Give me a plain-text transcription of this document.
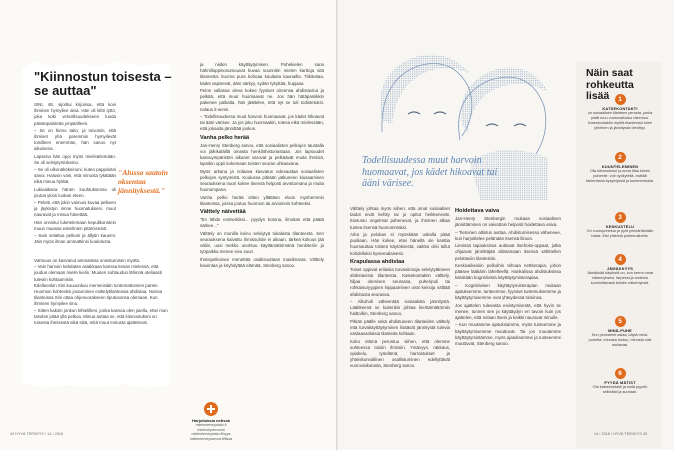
"Kiinnostun toisesta – se auttaa"

SINI, 48, sijoittui kirjoissa, että kovi ihminen hymyilee aina. Hän oli kiltti tyttö, joka koki velvollisuudekseen luoda päivänpaistetta ympärilleen.

– Se on hieno taito, ja toivoisin, että ihmiset yhä paremmin hymyilevät toisilleen enemmän, hän sanoo nyt aikuisena.

Lapsena hän oppi myös mielistelemään. Se oli selviytymiskeino.

– Se oli ulkonäkökeinoni, kuten pappisiäni sanoi. Halusin vain, että minusta tykätään eikä minua hylätä.

Lukioaikana hänen kouhtuksensa oli joutua yksin luokan eteen.

– Pelotti, että jokin vaimuni kuvaa pelkeen ja jäykistyn sinne huomatuksesi, muut nauravat ja minua hävettää.

Hän onnistui luketelemaan kepulikonstein muun muassa esitelmien pitämisestä.

– Sain selattua pelkoni ja ällytin kauemi. Jäin myös ilman ammattiinsi koulutusta.

"Alussa saatoin oksentaa jännityksestä."

Varmuus on kasvanut ammatissa onnistumisen myötä.

– Vain harvoin kahdatan asiakkaan kanssa kesan mielessä, että joudun olemaan mielin kielin. Muuten suhtaudun lähinnä uteliaasti tuleviin kohtaamisiin.

Edelleenkin Sini kuuuunkuu menneisiäin tuntemattomien parien. Huomion kohteeksi joutuminen esittelytilanteissa ahdistaa. Noissa tilanteissa Sini ottaa ohjenuorakseen tiputusonsa olemaan. Kun ihminen hymyilee sinu.

– Sitten kaksin jonkun kihtelilleni, jonka kanssa olen jutellu, ettei mun tarvitse pitää yllä pelkoa. Minua auttaa se, että kiinnostuksni on toisesta ihmisestä eikä siitä, mitä muut minusta ajattelevat.

ja niiden käyttäytymisen. Puhekielen sana hähnilluppinosumuuvat kuvaa suunnitin mielen karttoja sitä tilannetta: kuoma pura kohoaa kaulasta kaunailla. Tiikituttaa, kädet vapisevat, ääni särkyy, sydän tykyttää, hupjaaa.

Pelon vallassa oleva kokee fyysiset oireensa ahdistavina ja pelkää, että muut huomaavat ne. Jos hän hätäpaniikkin pakenee paikalta, hän jäättelee, että nyt se tuli todistetuksi: nolaus it-sensi.

– Todellisuudessa muut harvoin huomaavat, jos kädet hikoavat tai ääni värisee. Ja jos joku huomaakin, totesa eikä mielessään, että jokaista jännittää joskus.

Vanha pelko herää

Jan-Henry Stenberg sanoo, että sosiaalisten pelkojen taustalla voi jälkikaläillä omasta henkilöhistoriastaan. Jos lapsuudet kasvuympäristön aikanet varovat ja pelkäävät muita ihmisiä, lapsikin oppii kokemaan toisten seuran uhkaavana.

Myös arkana ja nolaava kasvatus edesauttaa sosiaalisten pelkojen syntymistä. Koulussa pitkään jatkuneen kiusaamisen seurauksena nuori kokee itsensä helposti arvottomana ja muita huonompana.

Vanha pelko herää sitten yllättäen eloon myöhemmin tilanteissa, joissa joutuu huomion tai arvioinnin kohteeksi.

Välttely näivettää

"En lähde esimerkiksi... pyydyn kotona, ilmoitan että päätä särkee..."

Välttely on monilla keino selviytyä tukalasta tilanteesta. Sen seurauksena kaivattu ihmissuhde ei aikaan, tärkeä kokous jää väliin, uusi mekko unohtuu käyttämättömänä henkiteriin ja työpaikka menee sivu suun.

Ihmispelkoinen menettää osallisuuttaan maailmasta. Välttely kaventaa ja köyhdyttää elämää, Stenberg sanoo.

Harjoituksia netissä
mielenterveystalo.fi
mielenhyvinvointi
mielenterveystalo.fi/syys
mielenterveysseura.fi/tikoa
42 HYVÄ TERVEYS / 14 / 2016
Todellisuudessa muut harvoin huomaavat, jos kädet hikoavat tai ääni värisee.

Välttely johtaa myös siihen, että omat sosiaaliset taidot eivät kehity tai jo opitut heikkenevät. Itsetunto ongelmat pahenevat, ja ihminen alkaa tuntea itsensä huonommaksi.

Arka ja pelokas ei myöskään uskalla pitää puoliaan. Hän kokee, ettei hänellä ole kanttia huomauttaa toisten käytöksestä, vaikka olisi tullut kohdelluksi kyseenalaisesti.

Krapulassa ahdistaa

Toiset oppivat erilaisia turvaviinnoja selviytyäkseen ahdistavista tilanteista. Katsekontaktin välttely, hiljaa olemisen seurassa, puheripuli tai rohkaisuryyppien kippaaminen ovat keinoja välttää ahdistusta seurassa.

– Alkoholi väheentää sosiaalista jännitystä. Lääkkeenä se kuitenkin johtaa kierttämättömiin haittoihin, Stenberg sanoo.

Pitkän päälle sekä ahdistuneen tilanteiden välttely että turvakäyttäytyminen lisäävät jännitystä tulevia vastaavanlaisia tilanteita kohtaan.

Koko elämä perustuu siihen, että olemme suhteessa toisiin ihmisiin. Ystävyys, rakkaus, opiskelu, työelämä, harrastukset ja yhteiskunnallinen osallistuminen edellyttävät vuorovaikutusta, Stenberg sanoo.

Hoidettava vaiva

Jan-Henry Stenbergin mukaan sosiaalinen jännittäminen on vaivattoin helposti hoidettava vaiva.

– Tietoinen altistus auttaa. Ahdistumisessa väheneee, kun harjoittelee pelänään itsensä likoon.

Lievissä tapauksissa auttavat itsehoito-oppaat, jotka ohjaavat jännittäjää altistamaan itsensä vähittellen pelottaviin tilanteisiin.

Keskivaikeisiin pelkoihin tehoaa nettiterapia, johon pääsee lääkärin lähetteellä. Hankalissa ahdistuksissa kärsitään kognitiivista käyttäytymisterapiaa.

– Kognitiivisen käyttäytymisterapian mukaan ajatuksemme, tunteemme, fyysiset tuntemuksemme ja käyttäytymisemme ovat yhteydessä toisiinsa.

Jos ajattelen tulevasta esiintymisestä, että hyvin se menee, tunnen sen ja käyttäydyn eri tavoin kuin jos ajattelen, että nolaan itseni ja kaikki nauravat minulle.

– Kun muutamme ajatuksiamme, myös tunteemme ja käyttäytymisemme muuttuvat. Tai jos muutamme käyttäytymistämme, myös ajatuksemme ja tunteemme muuttuvat, Stenberg sanoo.

Näin saat rohkeutta lisää	1
KATSEKONTAKTI
on sosiaalisen tilanteen perusta, jonka pidät muu vuorovaikutus rakentuu. Katsekontaktin myötä tilanteesta tulee yhteinen ja jännityskin lievittyy.
2
KUUNTELEMINEN
Ota kiinnostunut ja anna tilaa toisen puheelle, voit nyökytellä, esittää tarkentavia kysymyksiä ja kommentoida.
3
KESKUSTELU
On vuoropuhelua ja pyrit ymmärtämään toista. Etsi yhteisiä puheenaiheita.
4
JÄMÄKKYYS
Jämäkkää käytöstä on, kun kerrot omat näkemyksesi, tarpeesi ja tunteesi kunnioittavasti toisten näkemyksiä.
5
MINÄ-PUHE
Kun perustelet asiaa, käytä minä-puhetta: minusta tuntuu, minusta olisi mukavaa.
6
PYYDÄ MÄTIST
Ota katsekontakti ja esitä pyyntö selkeästi ja suoraan.
14 / 2016 / HYVÄ TERVEYS 43
